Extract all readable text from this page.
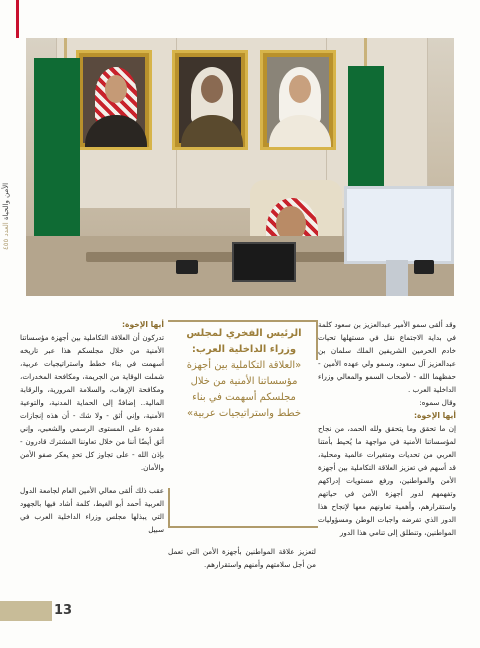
الأمن والحياة العدد ٤٥٥

وقد ألقى سمو الأمير عبدالعزيز بن سعود كلمة في بداية الاجتماع نقل في مستهلها تحيات خادم الحرمين الشريفين الملك سلمان بن عبدالعزيز آل سعود، وسمو ولي عهده الأمين - حفظهما الله - لأصحاب السمو والمعالي وزراء الداخلية العرب .

وقال سموه:

أيها الإخوة:

إن ما تحقق وما يتحقق ولله الحمد، من نجاح لمؤسساتنا الأمنية في مواجهة ما يُحيط بأمتنا العربي من تحديات ومتغيرات عالمية ومحلية، قد أسهم في تعزيز العلاقة التكاملية بين أجهزة الأمن والمواطنين، ورفع مستويات إدراكهم وتفهمهم لدور أجهزة الأمن في حياتهم واستقرارهم، وأهمية تعاونهم معها لإنجاح هذا الدور الذي تفرضه واجبات الوطن ومسؤوليات المواطنين، وتنطلق إلى تنامي هذا الدور

الرئيس الفخري لمجلس وزراء الداخلية العرب:

«العلاقة التكاملية بين أجهزة مؤسساتنا الأمنية من خلال مجلسكم أسهمت في بناء خطط واستراتيجيات عربية»

لتعزيز علاقة المواطنين بأجهزة الأمن التي تعمل من أجل سلامتهم وأمنهم واستقرارهم.

أيها الإخوة:

تدركون أن العلاقة التكاملية بين أجهزة مؤسساتنا الأمنية من خلال مجلسكم هذا عبر تاريخه أسهمت في بناء خطط واستراتيجيات عربية، شملت الوقاية من الجريمة، ومكافحة المخدرات، ومكافحة الإرهاب، والسلامة المرورية، والرقابة المالية.. إضافةً إلى الحماية المدنية، والتوعية الأمنية، وإني أثق - ولا شك - أن هذه إنجازات مقدرة على المستوى الرسمي والشعبي، وإني أثق أيضًا أننا من خلال تعاوننا المشترك قادرون - بإذن الله - على تجاوز كل تحدٍ يعكر صفو الأمن والأمان.

عقب ذلك ألقى معالي الأمين العام لجامعة الدول العربية أحمد أبو الغيط، كلمة أشاد فيها بالجهود التي يبذلها مجلس وزراء الداخلية العرب في سبيل

13
